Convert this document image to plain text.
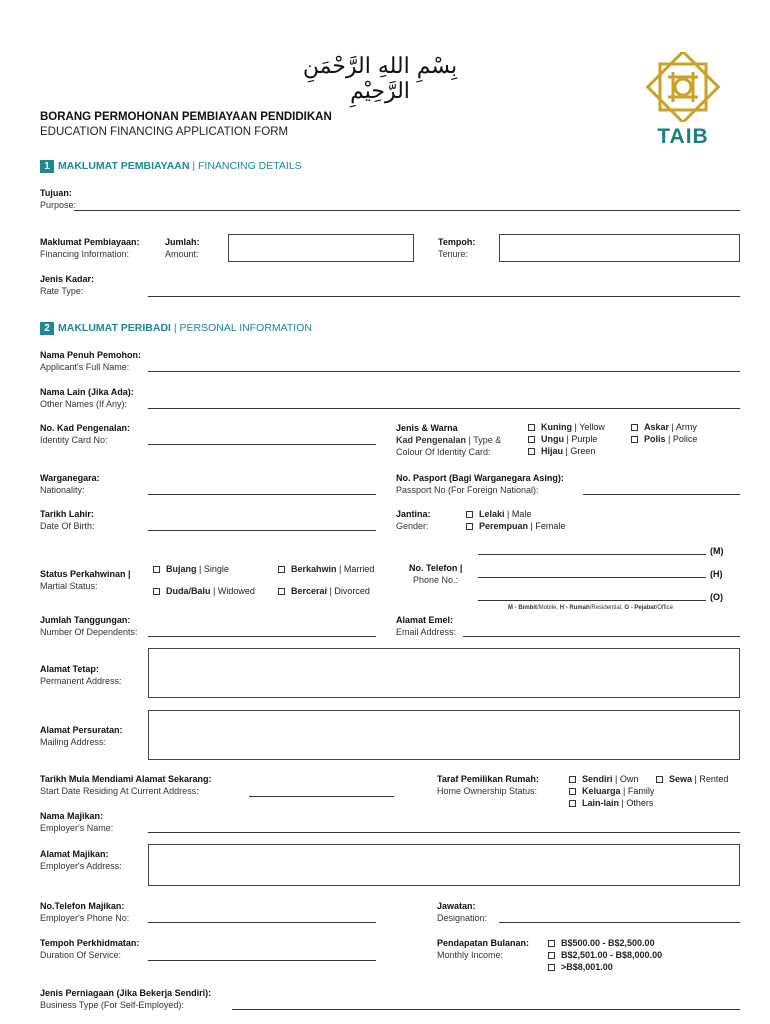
بِسْمِ اللهِ الرَّحْمَنِ الرَّحِيْمِ
BORANG PERMOHONAN PEMBIAYAAN PENDIDIKAN
EDUCATION FINANCING APPLICATION FORM	TAIB
1 MAKLUMAT PEMBIAYAAN | FINANCING DETAILS
Tujuan:
Purpose:
Maklumat Pembiayaan:
Financing Information:
Jumlah:
Amount:
Tempoh:
Tenure:
Jenis Kadar:
Rate Type:
2 MAKLUMAT PERIBADI | PERSONAL INFORMATION
Nama Penuh Pemohon:
Applicant's Full Name:
Nama Lain (Jika Ada):
Other Names (If Any):
No. Kad Pengenalan:
Identity Card No:
Jenis & Warna
Kad Pengenalan | Type &
Colour Of Identity Card:
Kuning | Yellow
Ungu | Purple
Hijau | Green
Askar | Army
Polis | Police
Warganegara:
Nationality:
No. Pasport (Bagi Warganegara Asing):
Passport No (For Foreign National):
Tarikh Lahir:
Date Of Birth:
Jantina:
Gender:
Lelaki | Male
Perempuan | Female
Status Perkahwinan |
Martial Status:
Bujang | Single	Berkahwin | Married
Duda/Balu | Widowed	Bercerai | Divorced
No. Telefon |
Phone No.:
(M)
(H)
(O)
M - Bimbit/Mobile, H - Rumah/Residential, O - Pejabat/Office
Jumlah Tanggungan:
Number Of Dependents:
Alamat Emel:
Email Address:
Alamat Tetap:
Permanent Address:
Alamat Persuratan:
Mailing Address:
Tarikh Mula Mendiami Alamat Sekarang:
Start Date Residing At Current Address:
Taraf Pemilikan Rumah:
Home Ownership Status:
Sendiri | Own	Sewa | Rented
Keluarga | Family
Lain-lain | Others
Nama Majikan:
Employer's Name:
Alamat Majikan:
Employer's Address:
No.Telefon Majikan:
Employer's Phone No:
Jawatan:
Designation:
Tempoh Perkhidmatan:
Duration Of Service:
Pendapatan Bulanan:
Monthly Income:
B$500.00 - B$2,500.00
B$2,501.00 - B$8,000.00
>B$8,001.00
Jenis Perniagaan (Jika Bekerja Sendiri):
Business Type (For Self-Employed):
